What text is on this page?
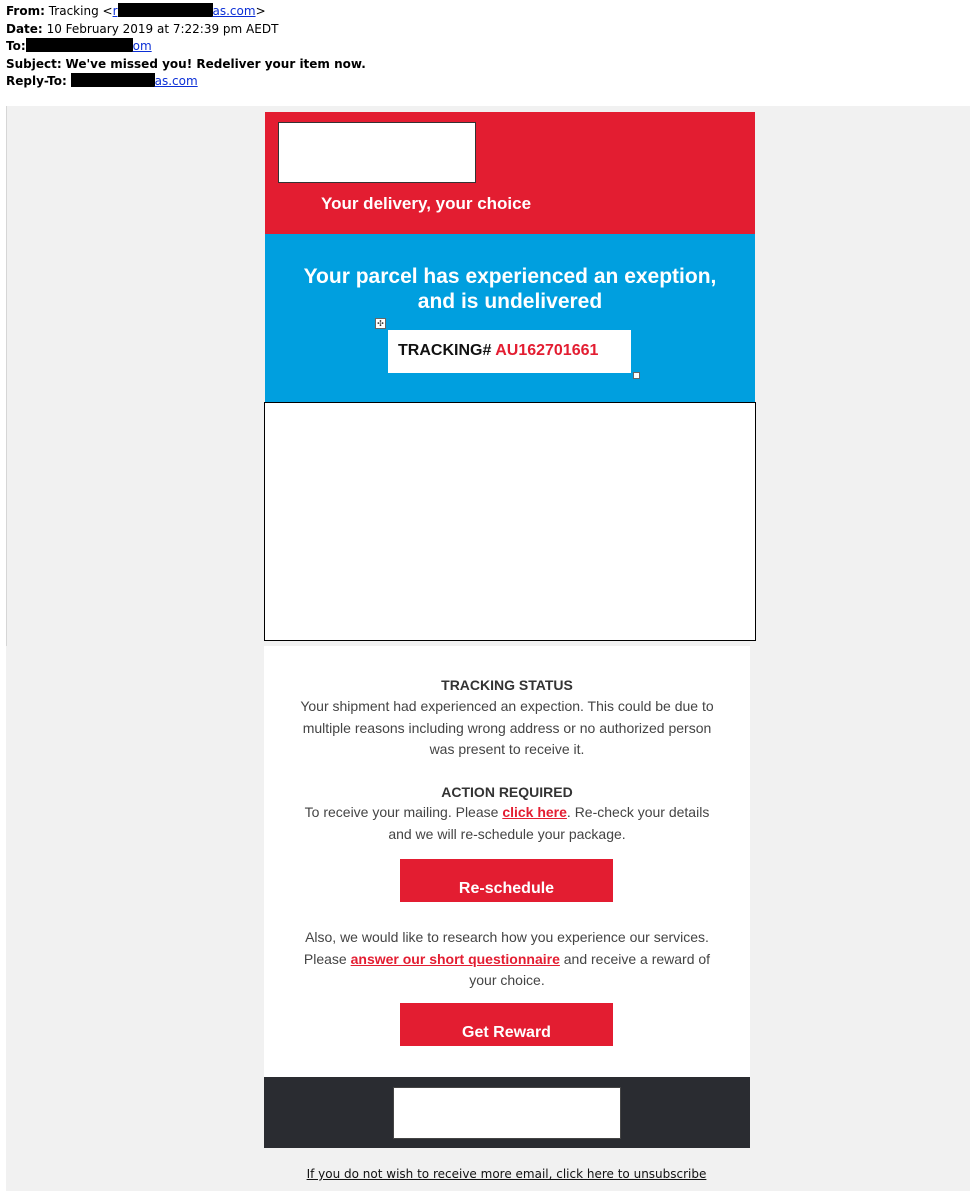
From: Tracking <r	as.com>
Date: 10 February 2019 at 7:22:39 pm AEDT
To:	om
Subject: We've missed you! Redeliver your item now.
Reply-To:	as.com
Your delivery, your choice
Your parcel has experienced an exeption,
and is undelivered
✣
TRACKING# AU162701661
TRACKING STATUS
Your shipment had experienced an expection. This could be due to
multiple reasons including wrong address or no authorized person
was present to receive it.
ACTION REQUIRED
To receive your mailing. Please click here. Re-check your details
and we will re-schedule your package.
Re-schedule
Also, we would like to research how you experience our services.
Please answer our short questionnaire and receive a reward of
your choice.
Get Reward
If you do not wish to receive more email, click here to unsubscribe
